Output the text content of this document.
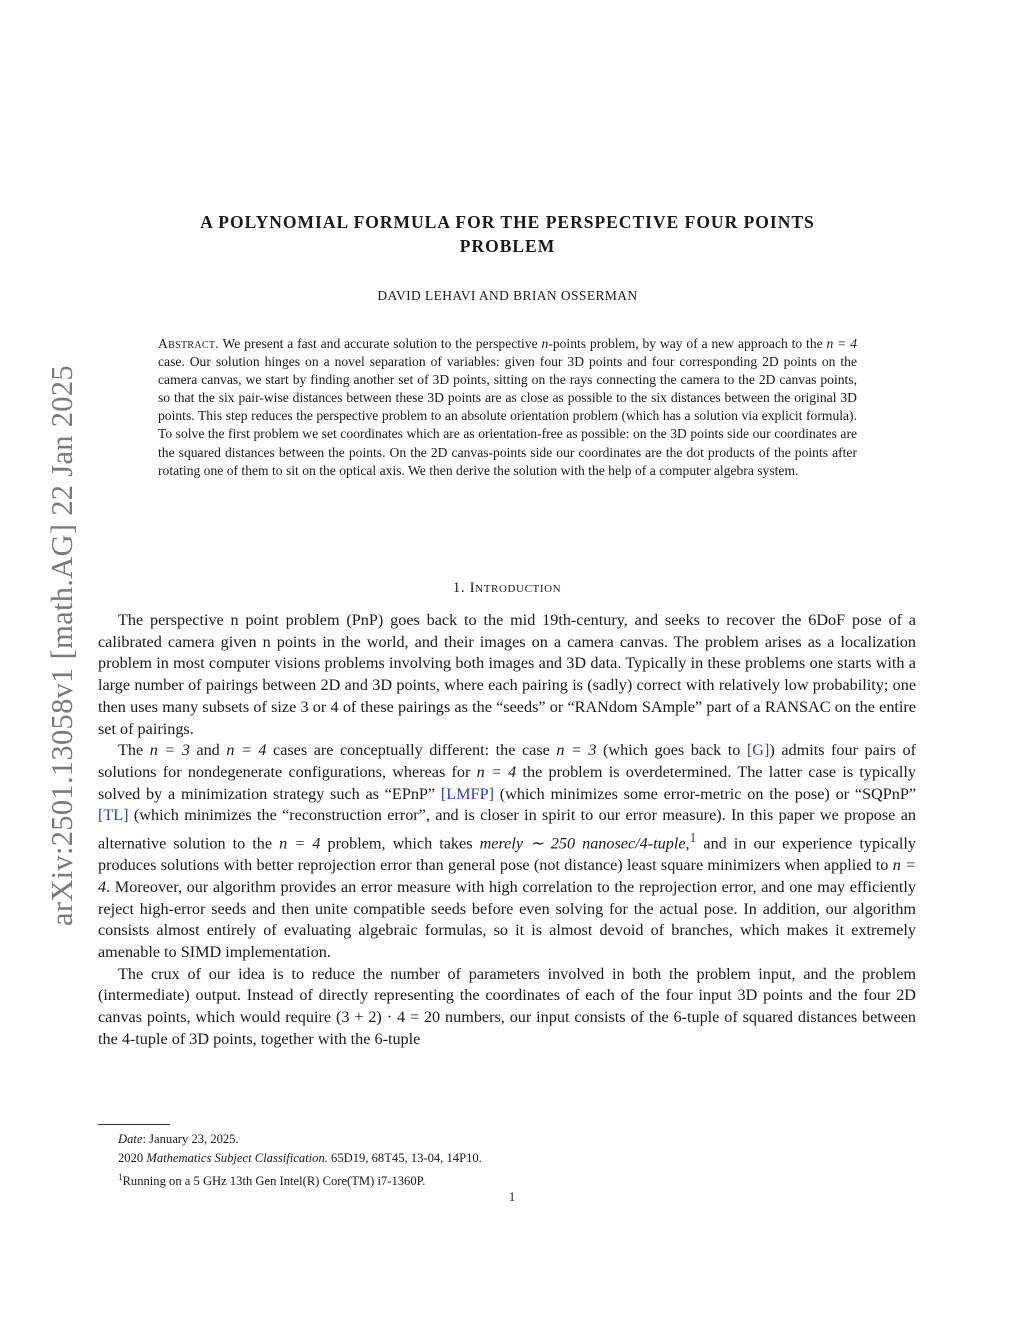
arXiv:2501.13058v1 [math.AG] 22 Jan 2025
A POLYNOMIAL FORMULA FOR THE PERSPECTIVE FOUR POINTS
PROBLEM
DAVID LEHAVI AND BRIAN OSSERMAN
Abstract. We present a fast and accurate solution to the perspective n-points problem, by way of a new approach to the n = 4 case. Our solution hinges on a novel separation of variables: given four 3D points and four corresponding 2D points on the camera canvas, we start by finding another set of 3D points, sitting on the rays connecting the camera to the 2D canvas points, so that the six pair-wise distances between these 3D points are as close as possible to the six distances between the original 3D points. This step reduces the perspective problem to an absolute orientation problem (which has a solution via explicit formula). To solve the first problem we set coordinates which are as orientation-free as possible: on the 3D points side our coordinates are the squared distances between the points. On the 2D canvas-points side our coordinates are the dot products of the points after rotating one of them to sit on the optical axis. We then derive the solution with the help of a computer algebra system.
1. Introduction

The perspective n point problem (PnP) goes back to the mid 19th-century, and seeks to recover the 6DoF pose of a calibrated camera given n points in the world, and their images on a camera canvas. The problem arises as a localization problem in most computer visions problems involving both images and 3D data. Typically in these problems one starts with a large number of pairings between 2D and 3D points, where each pairing is (sadly) correct with relatively low probability; one then uses many subsets of size 3 or 4 of these pairings as the “seeds” or “RANdom SAmple” part of a RANSAC on the entire set of pairings.

The n = 3 and n = 4 cases are conceptually different: the case n = 3 (which goes back to [G]) admits four pairs of solutions for nondegenerate configurations, whereas for n = 4 the problem is overdetermined. The latter case is typically solved by a minimization strategy such as “EPnP” [LMFP] (which minimizes some error-metric on the pose) or “SQPnP” [TL] (which minimizes the “reconstruction error”, and is closer in spirit to our error measure). In this paper we propose an alternative solution to the n = 4 problem, which takes merely ∼ 250 nanosec/4-tuple,$^1$ and in our experience typically produces solutions with better reprojection error than general pose (not distance) least square minimizers when applied to n = 4. Moreover, our algorithm provides an error measure with high correlation to the reprojection error, and one may efficiently reject high-error seeds and then unite compatible seeds before even solving for the actual pose. In addition, our algorithm consists almost entirely of evaluating algebraic formulas, so it is almost devoid of branches, which makes it extremely amenable to SIMD implementation.

The crux of our idea is to reduce the number of parameters involved in both the problem input, and the problem (intermediate) output. Instead of directly representing the coordinates of each of the four input 3D points and the four 2D canvas points, which would require (3 + 2) · 4 = 20 numbers, our input consists of the 6-tuple of squared distances between the 4-tuple of 3D points, together with the 6-tuple

Date: January 23, 2025.
2020 Mathematics Subject Classification. 65D19, 68T45, 13-04, 14P10.
$^1$Running on a 5 GHz 13th Gen Intel(R) Core(TM) i7-1360P.
1
